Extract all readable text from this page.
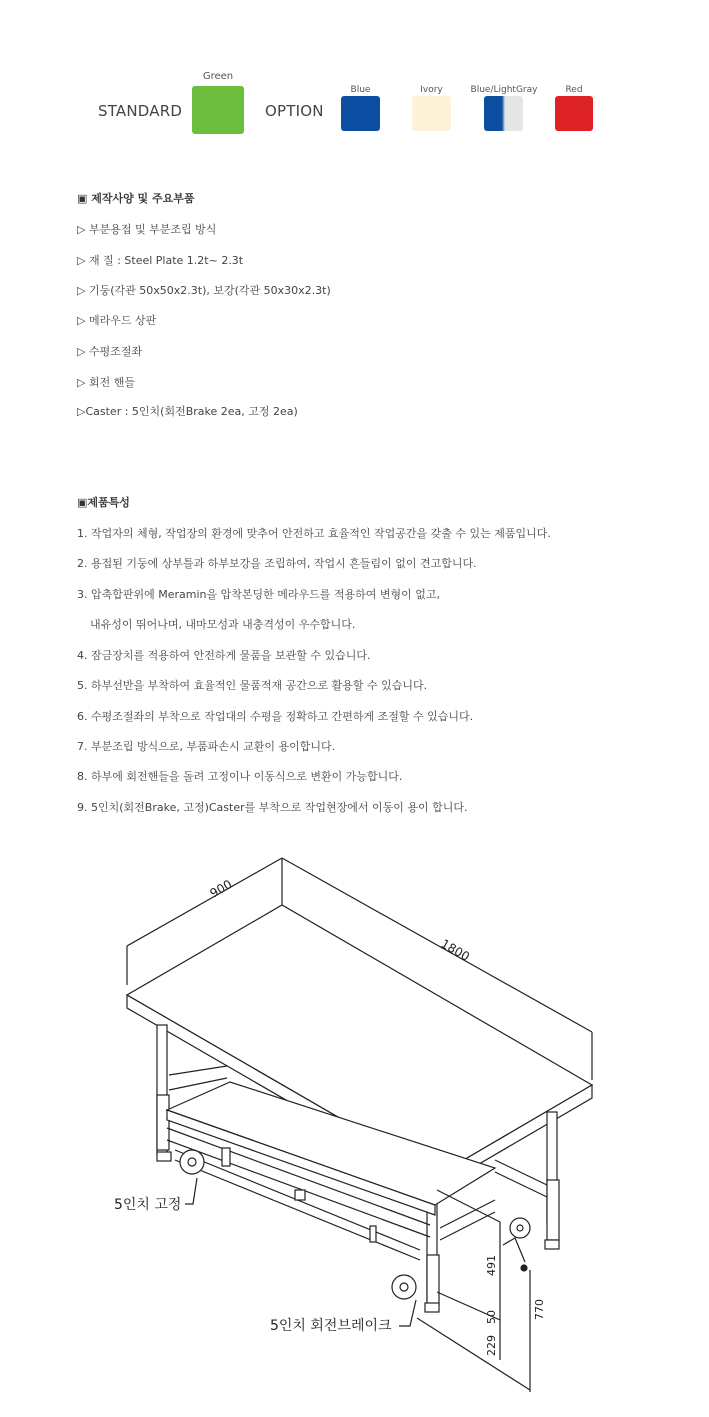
STANDARD
Green
OPTION
Blue	Ivory	Blue/LightGray	Red
▣ 제작사양 및 주요부품
▷ 부분용접 및 부분조립 방식
▷ 재 질 : Steel Plate 1.2t~ 2.3t
▷ 기둥(각관 50x50x2.3t), 보강(각관 50x30x2.3t)
▷ 메라우드 상판
▷ 수평조절좌
▷ 회전 핸들
▷Caster : 5인치(회전Brake 2ea, 고정 2ea)
▣제품특성
1. 작업자의 체형, 작업장의 환경에 맞추어 안전하고 효율적인 작업공간을 갖출 수 있는 제품입니다.
2. 용접된 기둥에 상부틀과 하부보강을 조립하여, 작업시 흔들림이 없이 견고합니다.
3. 압축합판위에 Meramin을 압착본딩한 메라우드를 적용하여 변형이 없고,
내유성이 뛰어나며, 내마모성과 내충격성이 우수합니다.
4. 잠금장치를 적용하여 안전하게 물품을 보관할 수 있습니다.
5. 하부선반을 부착하여 효율적인 물품적재 공간으로 활용할 수 있습니다.
6. 수평조절좌의 부착으로 작업대의 수평을 정확하고 간편하게 조절할 수 있습니다.
7. 부분조립 방식으로, 부품파손시 교환이 용이합니다.
8. 하부에 회전핸들을 돌려 고정이나 이동식으로 변환이 가능합니다.
9. 5인치(회전Brake, 고정)Caster를 부착으로 작업현장에서 이동이 용이 합니다.
900
1800
491
50
229
770
5인치 고정
5인치 회전브레이크
